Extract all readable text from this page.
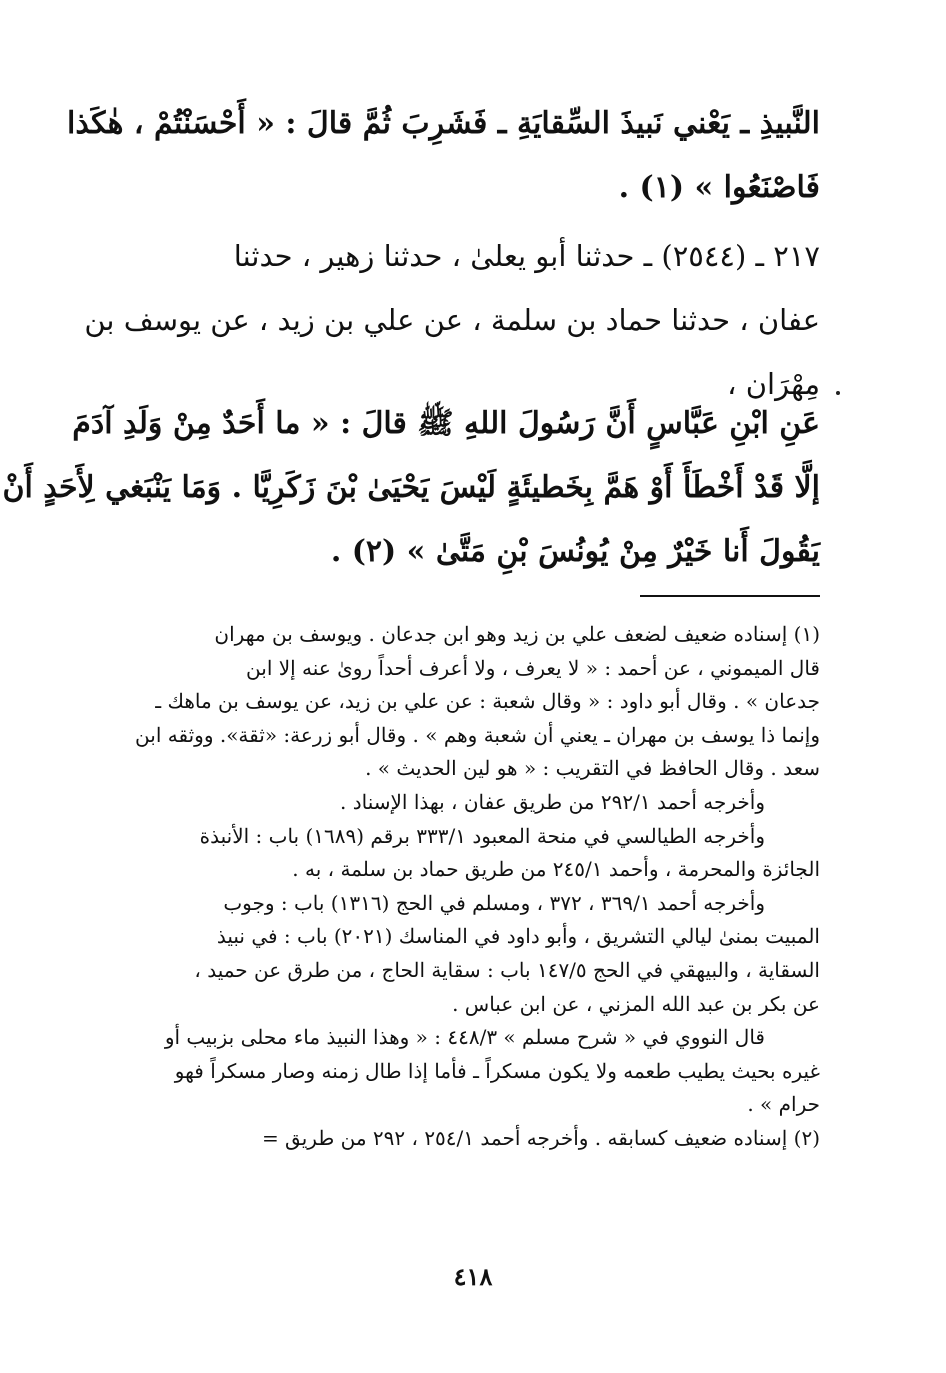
النَّبيذِ ـ يَعْني نَبيذَ السِّقايَةِ ـ فَشَرِبَ ثُمَّ قالَ : « أَحْسَنْتُمْ ، هٰكَذا
فَاصْنَعُوا » (١) .
٢١٧ ـ (٢٥٤٤) ـ حدثنا أبو يعلىٰ ، حدثنا زهير ، حدثنا
عفان ، حدثنا حماد بن سلمة ، عن علي بن زيد ، عن يوسف بن
مِهْرَان ،
عَنِ ابْنِ عَبَّاسٍ أَنَّ رَسُولَ اللهِ ﷺ قالَ : « ما أَحَدٌ مِنْ وَلَدِ آدَمَ
إلَّا قَدْ أَخْطَأَ أَوْ هَمَّ بِخَطيئَةٍ لَيْسَ يَحْيَىٰ بْنَ زَكَرِيَّا . وَمَا يَنْبَغي لِأَحَدٍ أَنْ
يَقُولَ أَنا خَيْرٌ مِنْ يُونُسَ بْنِ مَتَّىٰ » (٢) .
(١) إسناده ضعيف لضعف علي بن زيد وهو ابن جدعان . ويوسف بن مهران
قال الميموني ، عن أحمد : « لا يعرف ، ولا أعرف أحداً روىٰ عنه إلا ابن
جدعان » . وقال أبو داود : « وقال شعبة : عن علي بن زيد، عن يوسف بن ماهك ـ
وإنما ذا يوسف بن مهران ـ يعني أن شعبة وهم » . وقال أبو زرعة: «ثقة». ووثقه ابن
سعد . وقال الحافظ في التقريب : « هو لين الحديث » .
وأخرجه أحمد ٢٩٢/١ من طريق عفان ، بهذا الإسناد .
وأخرجه الطيالسي في منحة المعبود ٣٣٣/١ برقم (١٦٨٩) باب : الأنبذة
الجائزة والمحرمة ، وأحمد ٢٤٥/١ من طريق حماد بن سلمة ، به .
وأخرجه أحمد ٣٦٩/١ ، ٣٧٢ ، ومسلم في الحج (١٣١٦) باب : وجوب
المبيت بمنىٰ ليالي التشريق ، وأبو داود في المناسك (٢٠٢١) باب : في نبيذ
السقاية ، والبيهقي في الحج ١٤٧/٥ باب : سقاية الحاج ، من طرق عن حميد ،
عن بكر بن عبد الله المزني ، عن ابن عباس .
قال النووي في « شرح مسلم » ٤٤٨/٣ : « وهذا النبيذ ماء محلى بزبيب أو
غيره بحيث يطيب طعمه ولا يكون مسكراً ـ فأما إذا طال زمنه وصار مسكراً فهو
حرام » .
(٢) إسناده ضعيف كسابقه . وأخرجه أحمد ٢٥٤/١ ، ٢٩٢ من طريق =
٤١٨
